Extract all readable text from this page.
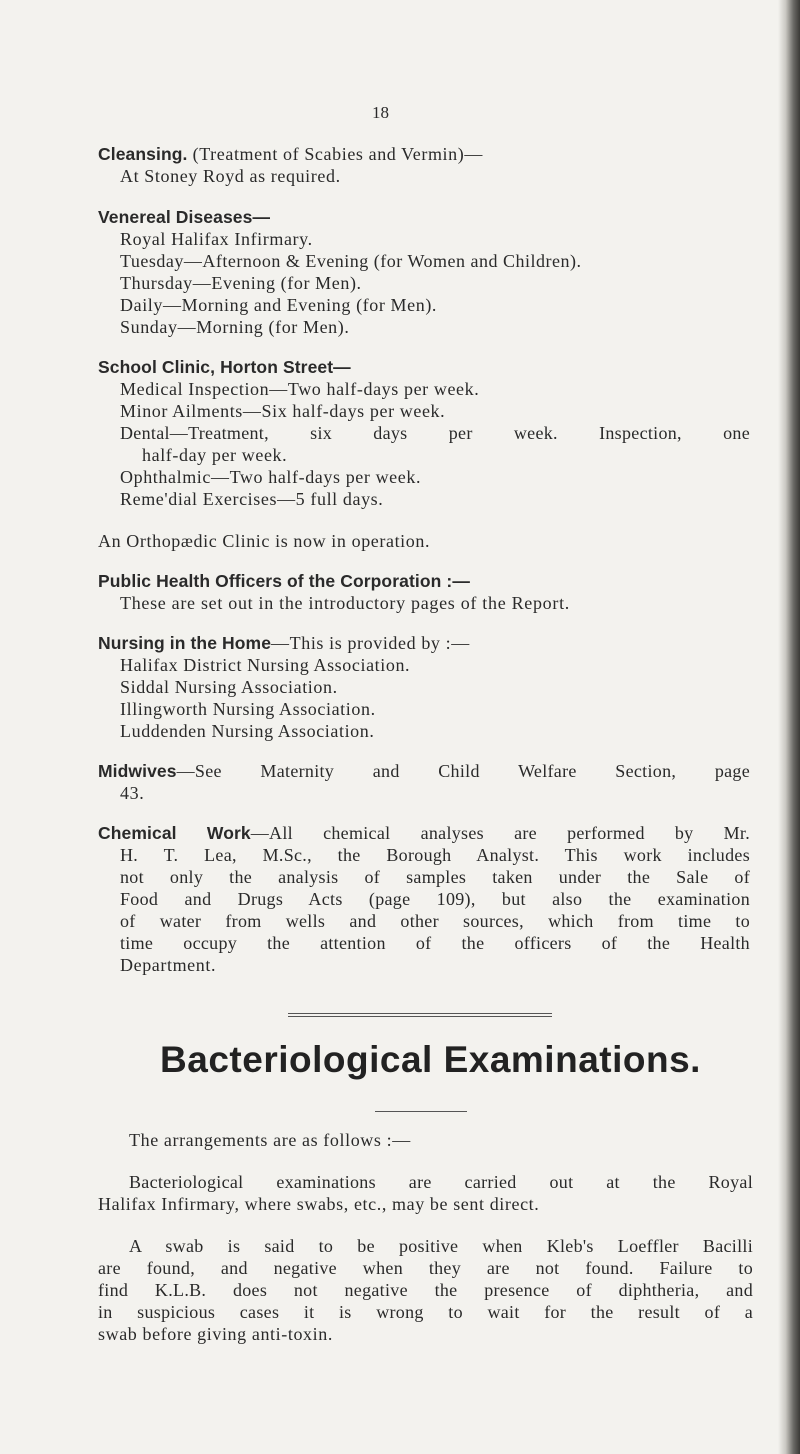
18
Cleansing. (Treatment of Scabies and Vermin)—
At Stoney Royd as required.
Venereal Diseases—
Royal Halifax Infirmary.
Tuesday—Afternoon & Evening (for Women and Children).
Thursday—Evening (for Men).
Daily—Morning and Evening (for Men).
Sunday—Morning (for Men).
School Clinic, Horton Street—
Medical Inspection—Two half-days per week.
Minor Ailments—Six half-days per week.
Dental—Treatment, six days per week. Inspection, one
half-day per week.
Ophthalmic—Two half-days per week.
Reme'dial Exercises—5 full days.
An Orthopædic Clinic is now in operation.
Public Health Officers of the Corporation :—
These are set out in the introductory pages of the Report.
Nursing in the Home—This is provided by :—
Halifax District Nursing Association.
Siddal Nursing Association.
Illingworth Nursing Association.
Luddenden Nursing Association.
Midwives—See Maternity and Child Welfare Section, page
43.
Chemical Work—All chemical analyses are performed by Mr.
H. T. Lea, M.Sc., the Borough Analyst. This work includes
not only the analysis of samples taken under the Sale of
Food and Drugs Acts (page 109), but also the examination
of water from wells and other sources, which from time to
time occupy the attention of the officers of the Health
Department.
Bacteriological Examinations.
The arrangements are as follows :—
Bacteriological examinations are carried out at the Royal
Halifax Infirmary, where swabs, etc., may be sent direct.
A swab is said to be positive when Kleb's Loeffler Bacilli
are found, and negative when they are not found. Failure to
find K.L.B. does not negative the presence of diphtheria, and
in suspicious cases it is wrong to wait for the result of a
swab before giving anti-toxin.
